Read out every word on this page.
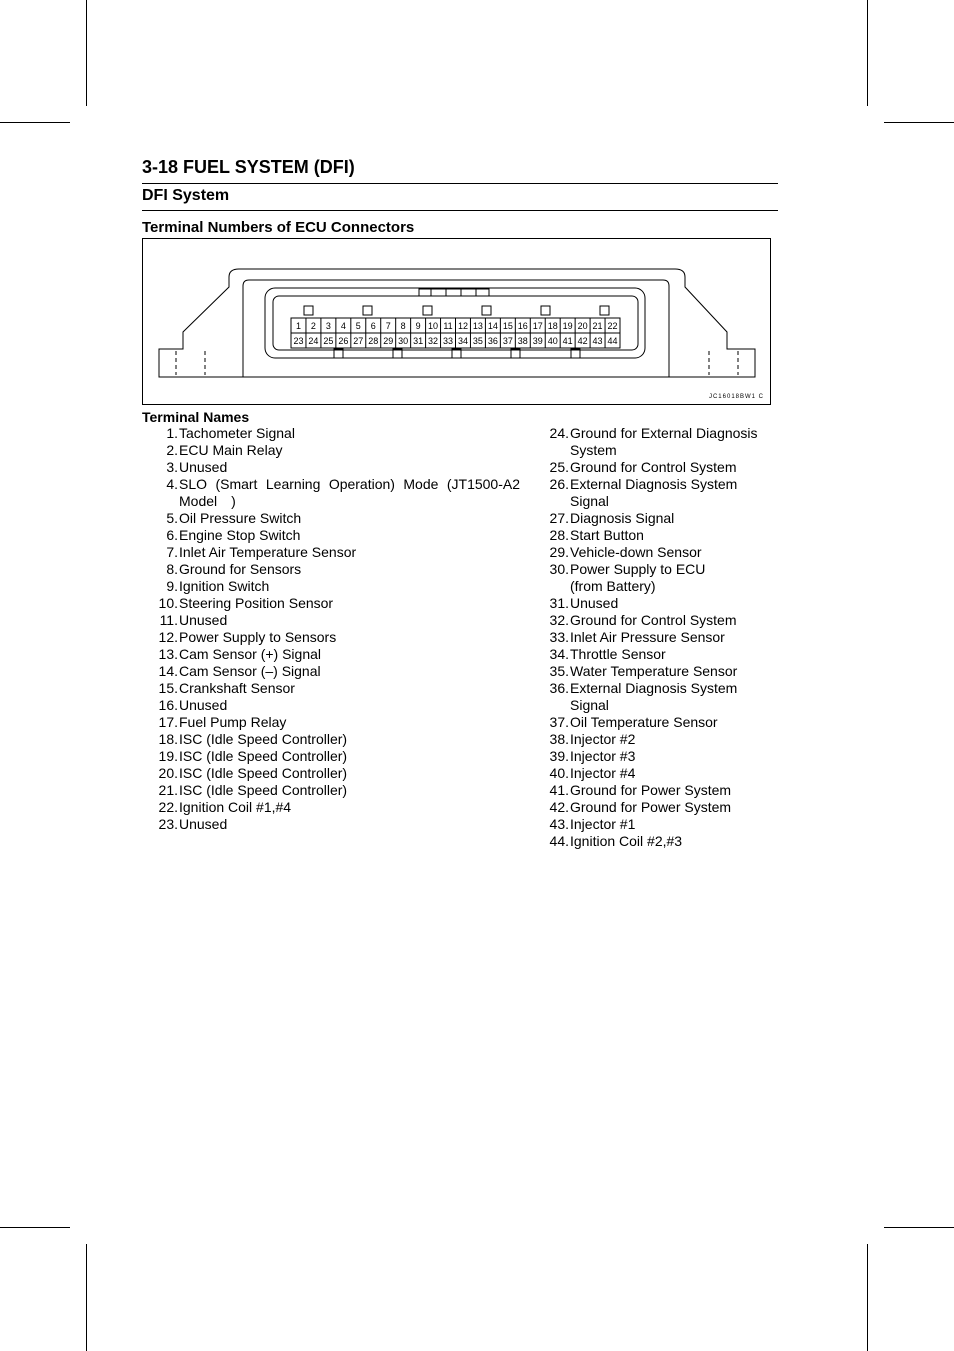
3-18 FUEL SYSTEM (DFI)
DFI System
Terminal Numbers of ECU Connectors
1 2 3 4 5 6 7 8 9 10 11 12 13 14 15 16 17 18 19 20 21 22
23 24 25 26 27 28 29 30 31 32 33 34 35 36 37 38 39 40 41 42 43 44
JC16018BW1 C
Terminal Names
1. Tachometer Signal
2. ECU Main Relay
3. Unused
4. SLO (Smart Learning Operation) Mode (JT1500-A2 Model )
5. Oil Pressure Switch
6. Engine Stop Switch
7. Inlet Air Temperature Sensor
8. Ground for Sensors
9. Ignition Switch
10. Steering Position Sensor
11. Unused
12. Power Supply to Sensors
13. Cam Sensor (+) Signal
14. Cam Sensor (–) Signal
15. Crankshaft Sensor
16. Unused
17. Fuel Pump Relay
18. ISC (Idle Speed Controller)
19. ISC (Idle Speed Controller)
20. ISC (Idle Speed Controller)
21. ISC (Idle Speed Controller)
22. Ignition Coil #1,#4
23. Unused
24. Ground for External Diagnosis System
25. Ground for Control System
26. External Diagnosis System Signal
27. Diagnosis Signal
28. Start Button
29. Vehicle-down Sensor
30. Power Supply to ECU
(from Battery)
31. Unused
32. Ground for Control System
33. Inlet Air Pressure Sensor
34. Throttle Sensor
35. Water Temperature Sensor
36. External Diagnosis System Signal
37. Oil Temperature Sensor
38. Injector #2
39. Injector #3
40. Injector #4
41. Ground for Power System
42. Ground for Power System
43. Injector #1
44. Ignition Coil #2,#3
